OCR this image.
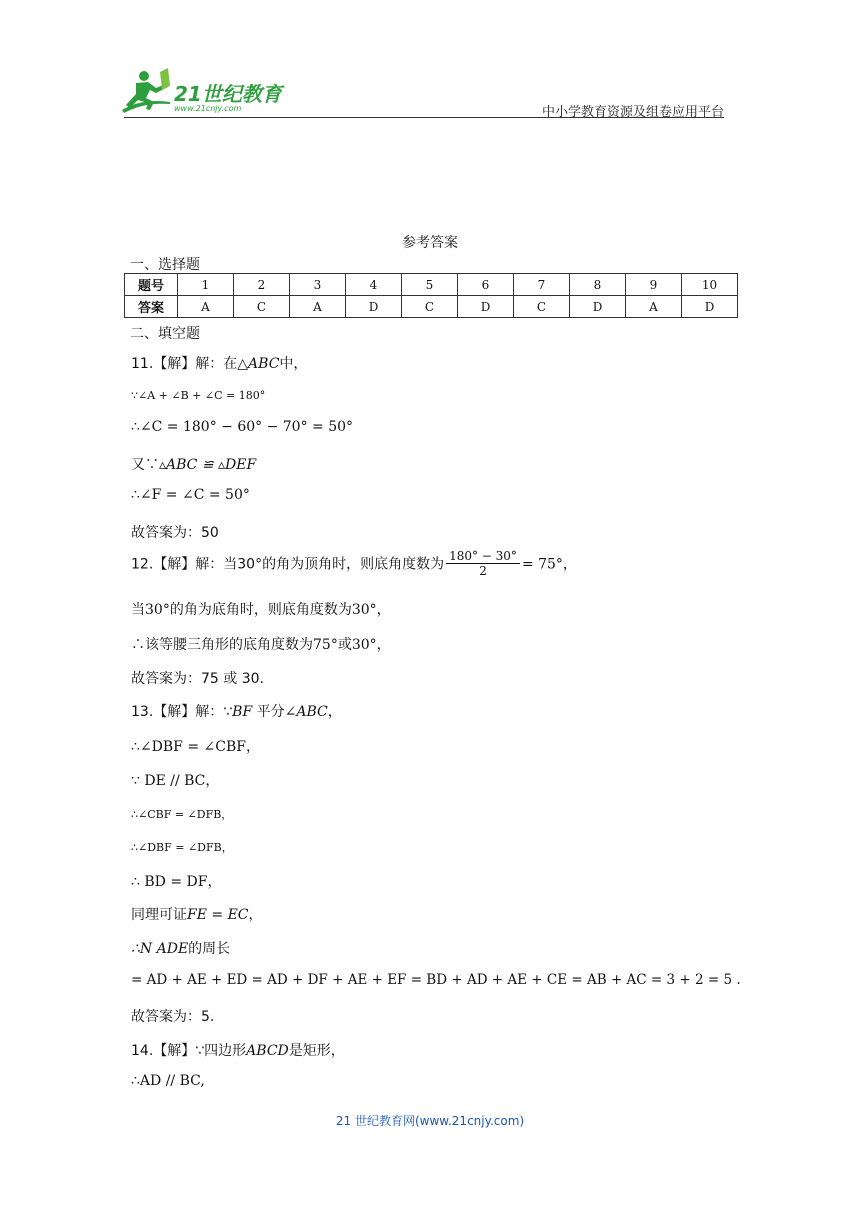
21世纪教育
www.21cnjy.com	中小学教育资源及组卷应用平台
参考答案
一、选择题
题号	1	2	3	4	5	6	7	8	9	10
答案	A	C	A	D	C	D	C	D	A	D
二、填空题
11.【解】解：在△ABC中，
∵∠A + ∠B + ∠C = 180°
∴∠C = 180° − 60° − 70° = 50°
又∵▵ABC ≌ ▵DEF
∴∠F = ∠C = 50°
故答案为：50
12.【解】解：当30°的角为顶角时，则底角度数为 $\frac{180^\circ - 30^\circ}{2} = 75^\circ$，
当30°的角为底角时，则底角度数为30°，
∴该等腰三角形的底角度数为75°或30°，
故答案为：75 或 30.
13.【解】解：∵BF 平分∠ABC，
∴∠DBF = ∠CBF，
∵ DE // BC，
∴∠CBF = ∠DFB，
∴∠DBF = ∠DFB，
∴ BD = DF，
同理可证FE = EC，
∴N ADE的周长
= AD + AE + ED = AD + DF + AE + EF = BD + AD + AE + CE = AB + AC = 3 + 2 = 5 .
故答案为：5.
14.【解】∵四边形ABCD是矩形，
∴AD // BC,
21 世纪教育网(www.21cnjy.com)
